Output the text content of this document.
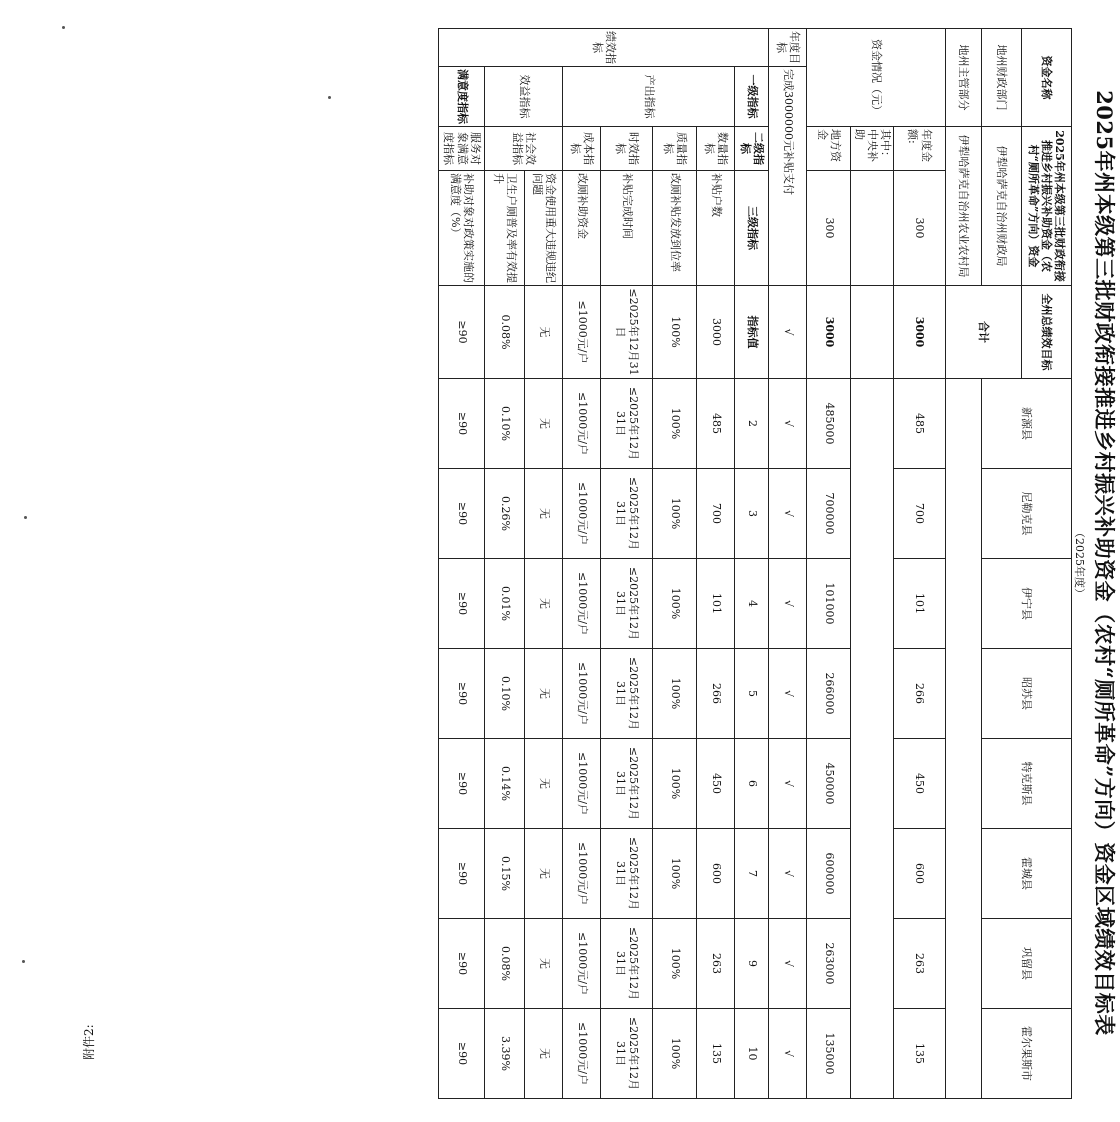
附件2:
2025年州本级第三批财政衔接推进乡村振兴补助资金（农村“厕所革命”方向）资金区域绩效目标表
（2025年度）
资金名称		2025年州本级第三批财政衔接推进乡村振兴补助资金（农村“厕所革命”方向）资金		全州总绩效目标	新源县	尼勒克县	伊宁县	昭苏县	特克斯县	霍城县	巩留县	霍尔果斯市
地州财政部门		伊犁哈萨克自治州财政局		合计								
地州主管部分		伊犁哈萨克自治州农业农村局										
资金情况（元）		年度金额:	300	3000	485	700	101	266	450	600	263	135
		其中：中央补助										
		地方资金	300	3000	485000	700000	101000	266000	450000	600000	263000	135000
年度目标	完成3000000元补贴支付			√	√	√	√	√	√	√	√	√
绩效指标	一级指标	二级指标	三级指标	指标值	2	3	4	5	6	7	9	10
	产出指标	数量指标	补贴户数	3000	485	700	101	266	450	600	263	135
		质量指标	改厕补贴发放到位率	100%	100%	100%	100%	100%	100%	100%	100%	100%
		时效指标	补贴完成时间	≤2025年12月31日	≤2025年12月31日	≤2025年12月31日	≤2025年12月31日	≤2025年12月31日	≤2025年12月31日	≤2025年12月31日	≤2025年12月31日	≤2025年12月31日
		成本指标	改厕补助资金	≤1000元/户	≤1000元/户	≤1000元/户	≤1000元/户	≤1000元/户	≤1000元/户	≤1000元/户	≤1000元/户	≤1000元/户
	效益指标	社会效益指标	资金使用重大违规违纪问题	无	无	无	无	无	无	无	无	无
			卫生户厕普及率有效提升	0.08%	0.10%	0.26%	0.01%	0.10%	0.14%	0.15%	0.08%	3.39%
	满意度指标	服务对象满意度指标	补助对象对政策实施的满意度（%）	≥90	≥90	≥90	≥90	≥90	≥90	≥90	≥90	≥90
